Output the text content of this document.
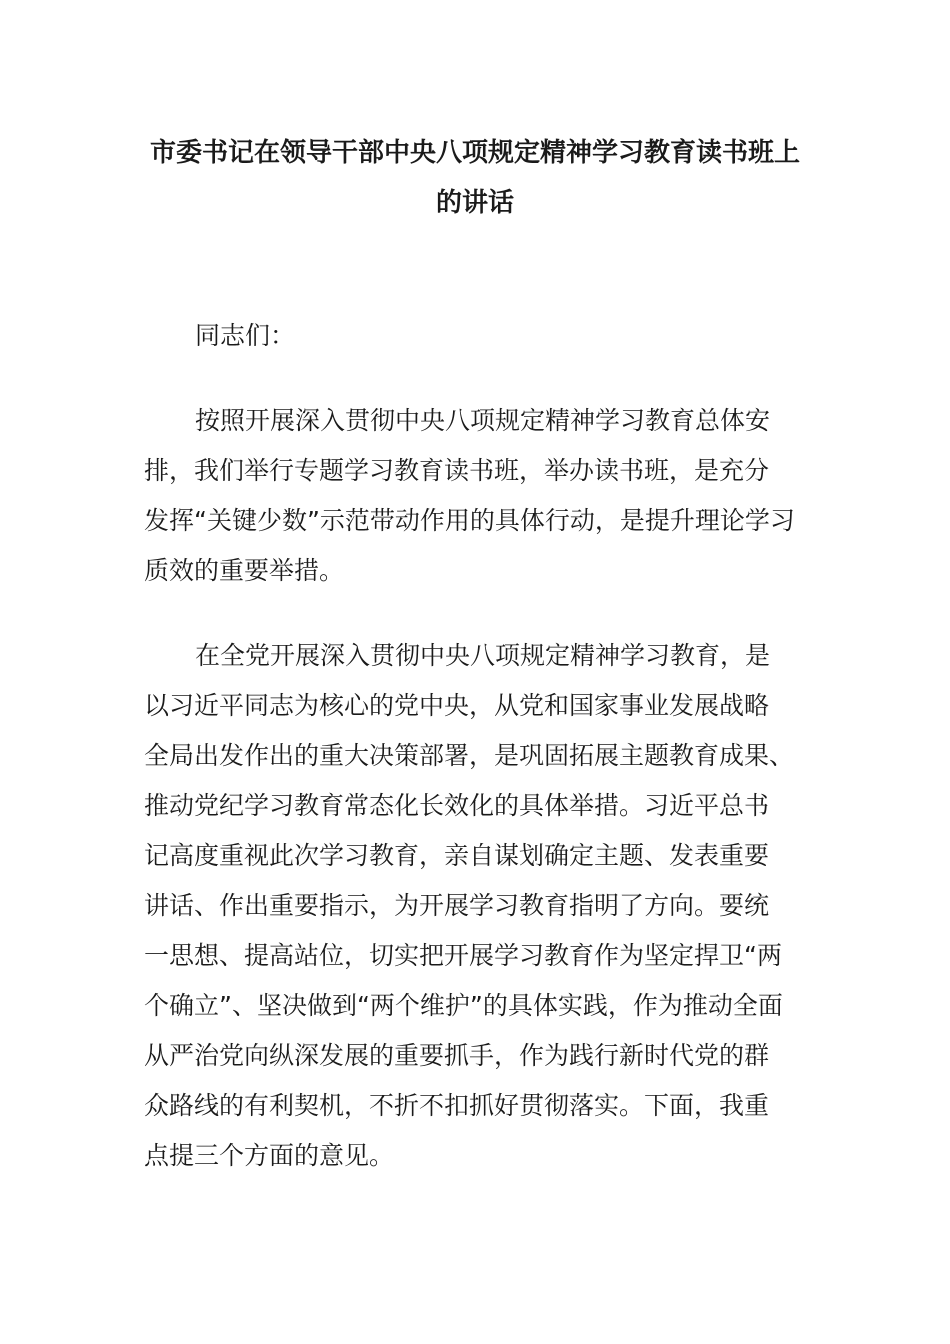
市委书记在领导干部中央八项规定精神学习教育读书班上
的讲话

同志们：

按照开展深入贯彻中央八项规定精神学习教育总体安
排，我们举行专题学习教育读书班，举办读书班，是充分
发挥“关键少数”示范带动作用的具体行动，是提升理论学习
质效的重要举措。

在全党开展深入贯彻中央八项规定精神学习教育，是
以习近平同志为核心的党中央，从党和国家事业发展战略
全局出发作出的重大决策部署，是巩固拓展主题教育成果、
推动党纪学习教育常态化长效化的具体举措。习近平总书
记高度重视此次学习教育，亲自谋划确定主题、发表重要
讲话、作出重要指示，为开展学习教育指明了方向。要统
一思想、提高站位，切实把开展学习教育作为坚定捍卫“两
个确立”、坚决做到“两个维护”的具体实践，作为推动全面
从严治党向纵深发展的重要抓手，作为践行新时代党的群
众路线的有利契机，不折不扣抓好贯彻落实。下面，我重
点提三个方面的意见。
